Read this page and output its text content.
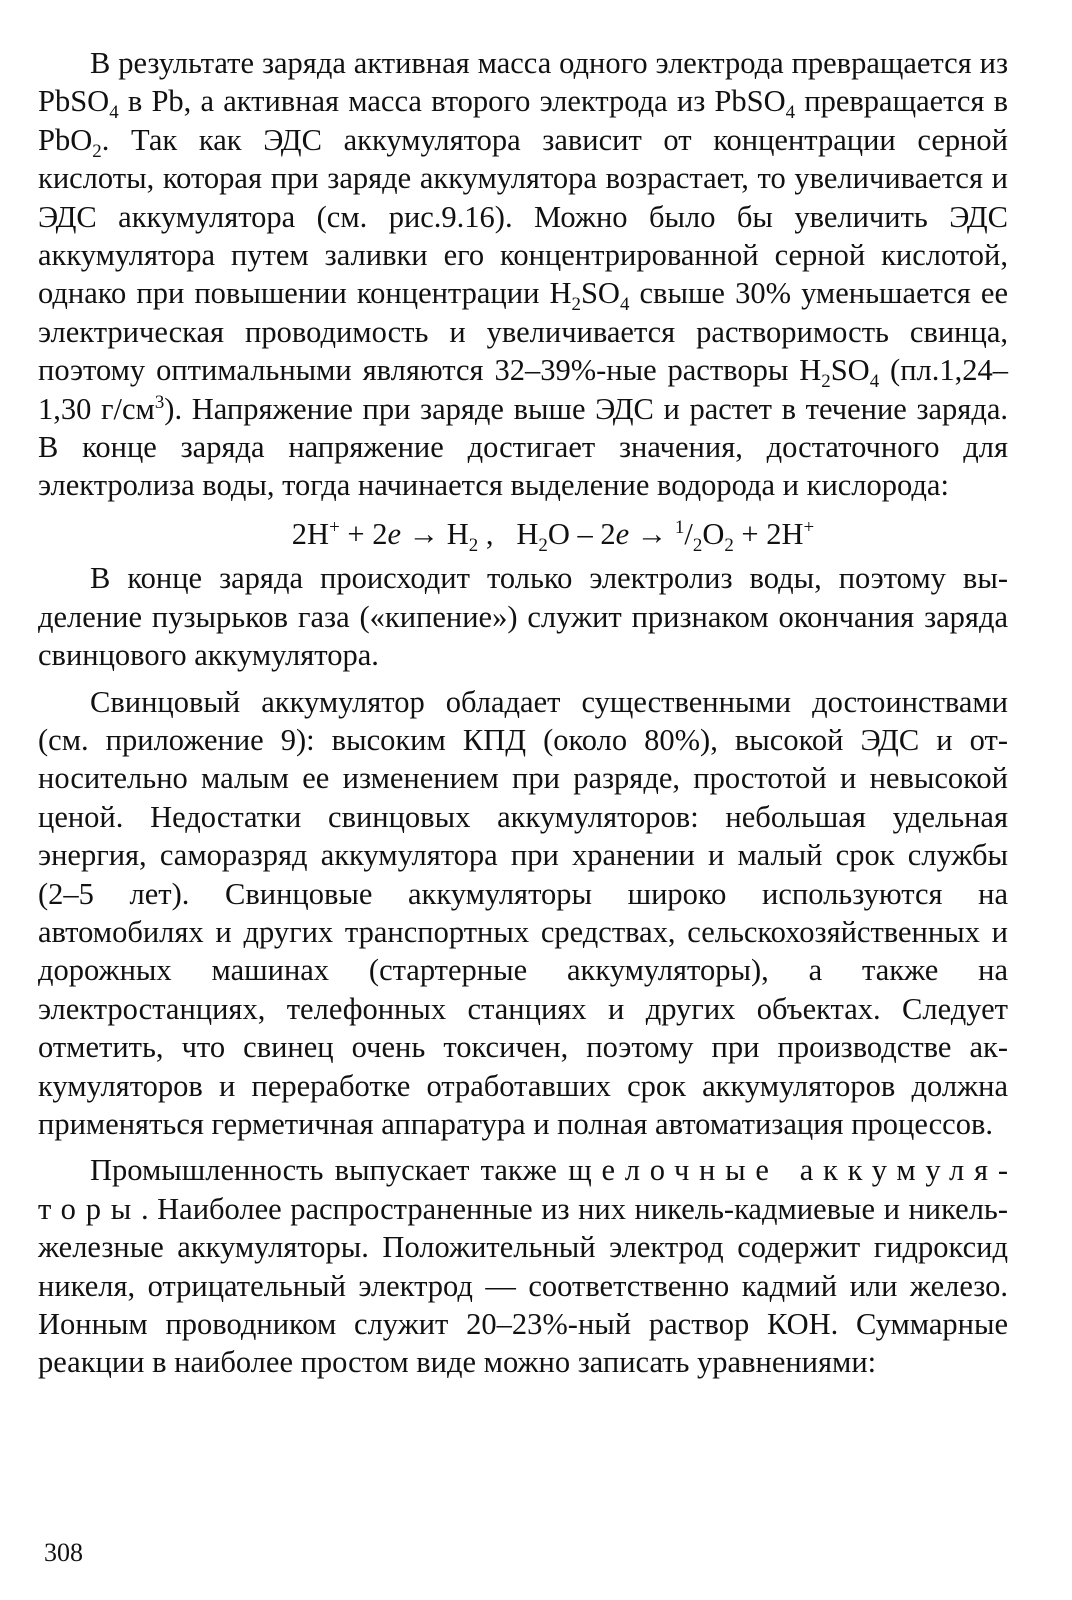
В результате заряда активная масса одного электрода превращается из PbSO$_4$ в Pb, а активная масса второго электрода из PbSO$_4$ превращается в PbO$_2$. Так как ЭДС аккумулятора зависит от концентрации серной кислоты, которая при заряде аккумулятора возрастает, то увеличивается и ЭДС аккумулятора (см. рис.9.16). Можно было бы увеличить ЭДС аккумулятора путем заливки его концентрированной серной кислотой, однако при повышении концентрации $H_2SO_4$ свыше 30% уменьшается ее электрическая проводимость и увеличивается растворимость свинца, поэтому оптимальными являются 32–39%-ные растворы $H_2SO_4$ (пл.1,24–1,30 $г/см^3$). Напряжение при заряде выше ЭДС и растет в течение заряда. В конце заряда напряжение достигает значения, достаточного для электролиза воды, тогда начинается выделение водорода и кислорода:

$2H^+ + 2e \to H_2$ ,   $H_2O - 2e \to ^1/_2O_2 + 2H^+$

В конце заряда происходит только электролиз воды, поэтому выделение пузырьков газа («кипение») служит признаком окончания заряда свинцового аккумулятора.

Свинцовый аккумулятор обладает существенными достоинствами (см. приложение 9): высоким КПД (около 80%), высокой ЭДС и относительно малым ее изменением при разряде, простотой и невысокой ценой. Недостатки свинцовых аккумуляторов: небольшая удельная энергия, саморазряд аккумулятора при хранении и малый срок службы (2–5 лет). Свинцовые аккумуляторы широко используются на автомобилях и других транспортных средствах, сельскохозяйственных и дорожных машинах (стартерные аккумуляторы), а также на электростанциях, телефонных станциях и других объектах. Следует отметить, что свинец очень токсичен, поэтому при производстве аккумуляторов и переработке отработавших срок аккумуляторов должна применяться герметичная аппаратура и полная автоматизация процессов.

Промышленность выпускает также щелочные аккумуляторы. Наиболее распространенные из них никель-кадмиевые и никель-железные аккумуляторы. Положительный электрод содержит гидроксид никеля, отрицательный электрод — соответственно кадмий или железо. Ионным проводником служит 20–23%-ный раствор КОН. Суммарные реакции в наиболее простом виде можно записать уравнениями:

308
